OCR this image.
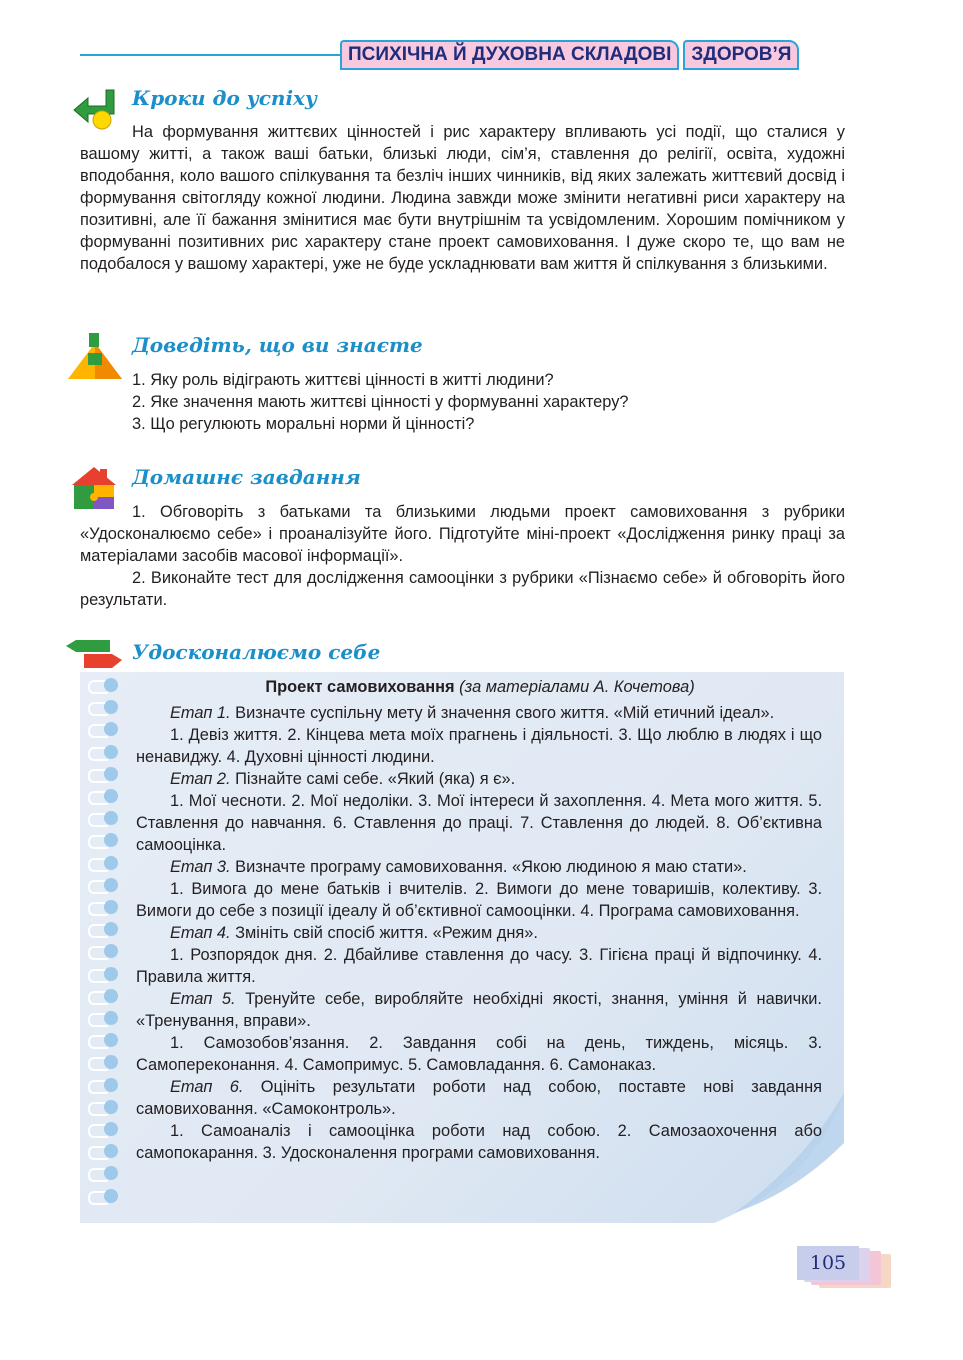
ПСИХІЧНА Й ДУХОВНА СКЛАДОВІ	ЗДОРОВ’Я
Кроки до успіху

На формування життєвих цінностей і рис характеру впливають усі події, що сталися у вашому житті, а також ваші батьки, близькі люди, сім’я, ставлення до релігії, освіта, художні вподобання, коло вашого спілкування та безліч інших чинників, від яких залежать життєвий досвід і формування світогляду кожної людини. Людина завжди може змінити негативні риси характеру на позитивні, але її бажання змінитися має бути внутрішнім та усвідомленим. Хорошим помічником у формуванні позитивних рис характеру стане проект самовиховання. І дуже скоро те, що вам не подобалося у вашому характері, уже не буде ускладнювати вам життя й спілкування з близькими.

Доведіть, що ви знаєте
1. Яку роль відіграють життєві цінності в житті людини?
2. Яке значення мають життєві цінності у формуванні характеру?
3. Що регулюють моральні норми й цінності?
Домашнє завдання

1. Обговоріть з батьками та близькими людьми проект самовиховання з рубрики «Удосконалюємо себе» і проаналізуйте його. Підготуйте міні-проект «Дослідження ринку праці за матеріалами засобів масової інформації».

2. Виконайте тест для дослідження самооцінки з рубрики «Пізнаємо себе» й обговоріть його результати.

Удосконалюємо себе
Проект самовиховання (за матеріалами А. Кочетова)

Етап 1. Визначте суспільну мету й значення свого життя. «Мій етичний ідеал».

1. Девіз життя. 2. Кінцева мета моїх прагнень і діяльності. 3. Що люблю в людях і що ненавиджу. 4. Духовні цінності людини.

Етап 2. Пізнайте самі себе. «Який (яка) я є».

1. Мої чесноти. 2. Мої недоліки. 3. Мої інтереси й захоплення. 4. Мета мого життя. 5. Ставлення до навчання. 6. Ставлення до праці. 7. Ставлення до людей. 8. Об’єктивна самооцінка.

Етап 3. Визначте програму самовиховання. «Якою людиною я маю стати».

1. Вимога до мене батьків і вчителів. 2. Вимоги до мене товаришів, колективу. 3. Вимоги до себе з позиції ідеалу й об’єктивної самооцінки. 4. Програма самовиховання.

Етап 4. Змініть свій спосіб життя. «Режим дня».

1. Розпорядок дня. 2. Дбайливе ставлення до часу. 3. Гігієна праці й відпочинку. 4. Правила життя.

Етап 5. Тренуйте себе, виробляйте необхідні якості, знання, уміння й навички. «Тренування, вправи».

1. Самозобов’язання. 2. Завдання собі на день, тиждень, місяць. 3. Самопереконання. 4. Самопримус. 5. Самовладання. 6. Самонаказ.

Етап 6. Оцініть результати роботи над собою, поставте нові завдання самовиховання. «Самоконтроль».

1. Самоаналіз і самооцінка роботи над собою. 2. Самозаохочення або самопокарання. 3. Удосконалення програми самовиховання.

105
